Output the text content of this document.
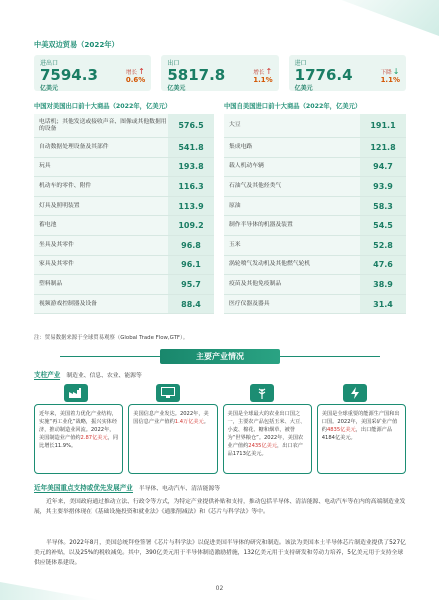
中美双边贸易（2022年）
进出口
7594.3
亿美元
增长↑
0.6%
出口
5817.8
亿美元
增长↑
1.1%
进口
1776.4
亿美元
下降↓
1.1%
中国对美国出口前十大商品（2022年，亿美元）
电话机；其他发送或接收声音、图像或其他数据用的设备	576.5
自动数据处理设备及其部件	541.8
玩具	193.8
机动车的零件、附件	116.3
灯具及照明装置	113.9
蓄电池	109.2
坐具及其零件	96.8
家具及其零件	96.1
塑料制品	95.7
视频游戏控制器及设备	88.4
中国自美国进口前十大商品（2022年，亿美元）
大豆	191.1
集成电路	121.8
载人机动车辆	94.7
石油气及其他烃类气	93.9
原油	58.3
制作半导体的机器及装置	54.5
玉米	52.8
涡轮喷气发动机及其他燃气轮机	47.6
疫苗及其他免疫制品	38.9
医疗仪器及器具	31.4
注：贸易数据来源于全球贸易观察（Global Trade Flow,GTF）。
主要产业情况
支柱产业 制造业、信息、农业、能源等
近年来，美国着力优化产业结构，实施“再工业化”战略，振兴实体经济，推动制造业回流。2022年，美国制造业产值约2.87亿美元，同比增长11.9%。
美国信息产业发达。2022年，美国信息产业产值约1.4万亿美元。
美国是全球最大的农业出口国之一，主要农产品包括玉米、大豆、小麦、棉花、糖和烟草，被誉为“世界粮仓”。2022年，美国农业产值约2435亿美元，出口农产品1713亿美元。
美国是全球重要的能源生产国和出口国。2022年，美国采矿业产值约4835亿美元，出口能源产品4184亿美元。
近年美国重点支持或优先发展产业 半导体、电动汽车、清洁能源等
近年来，美国政府通过推动立法、行政令等方式，为特定产业提供补贴和支持，推动包括半导体、清洁能源、电动汽车等在内的高端制造业发展，其主要举措体现在《基础设施投资和就业法》《通胀削减法》和《芯片与科学法》等中。
半导体。2022年8月，美国总统拜登签署《芯片与科学法》以促进美国半导体的研究和制造。该法为美国本土半导体芯片制造业提供了527亿美元的补贴，以及25%的税收减免。其中，390亿美元用于半导体制造激励措施，132亿美元用于支持研发和劳动力培养，5亿美元用于支持全球供应链体系建设。
02
